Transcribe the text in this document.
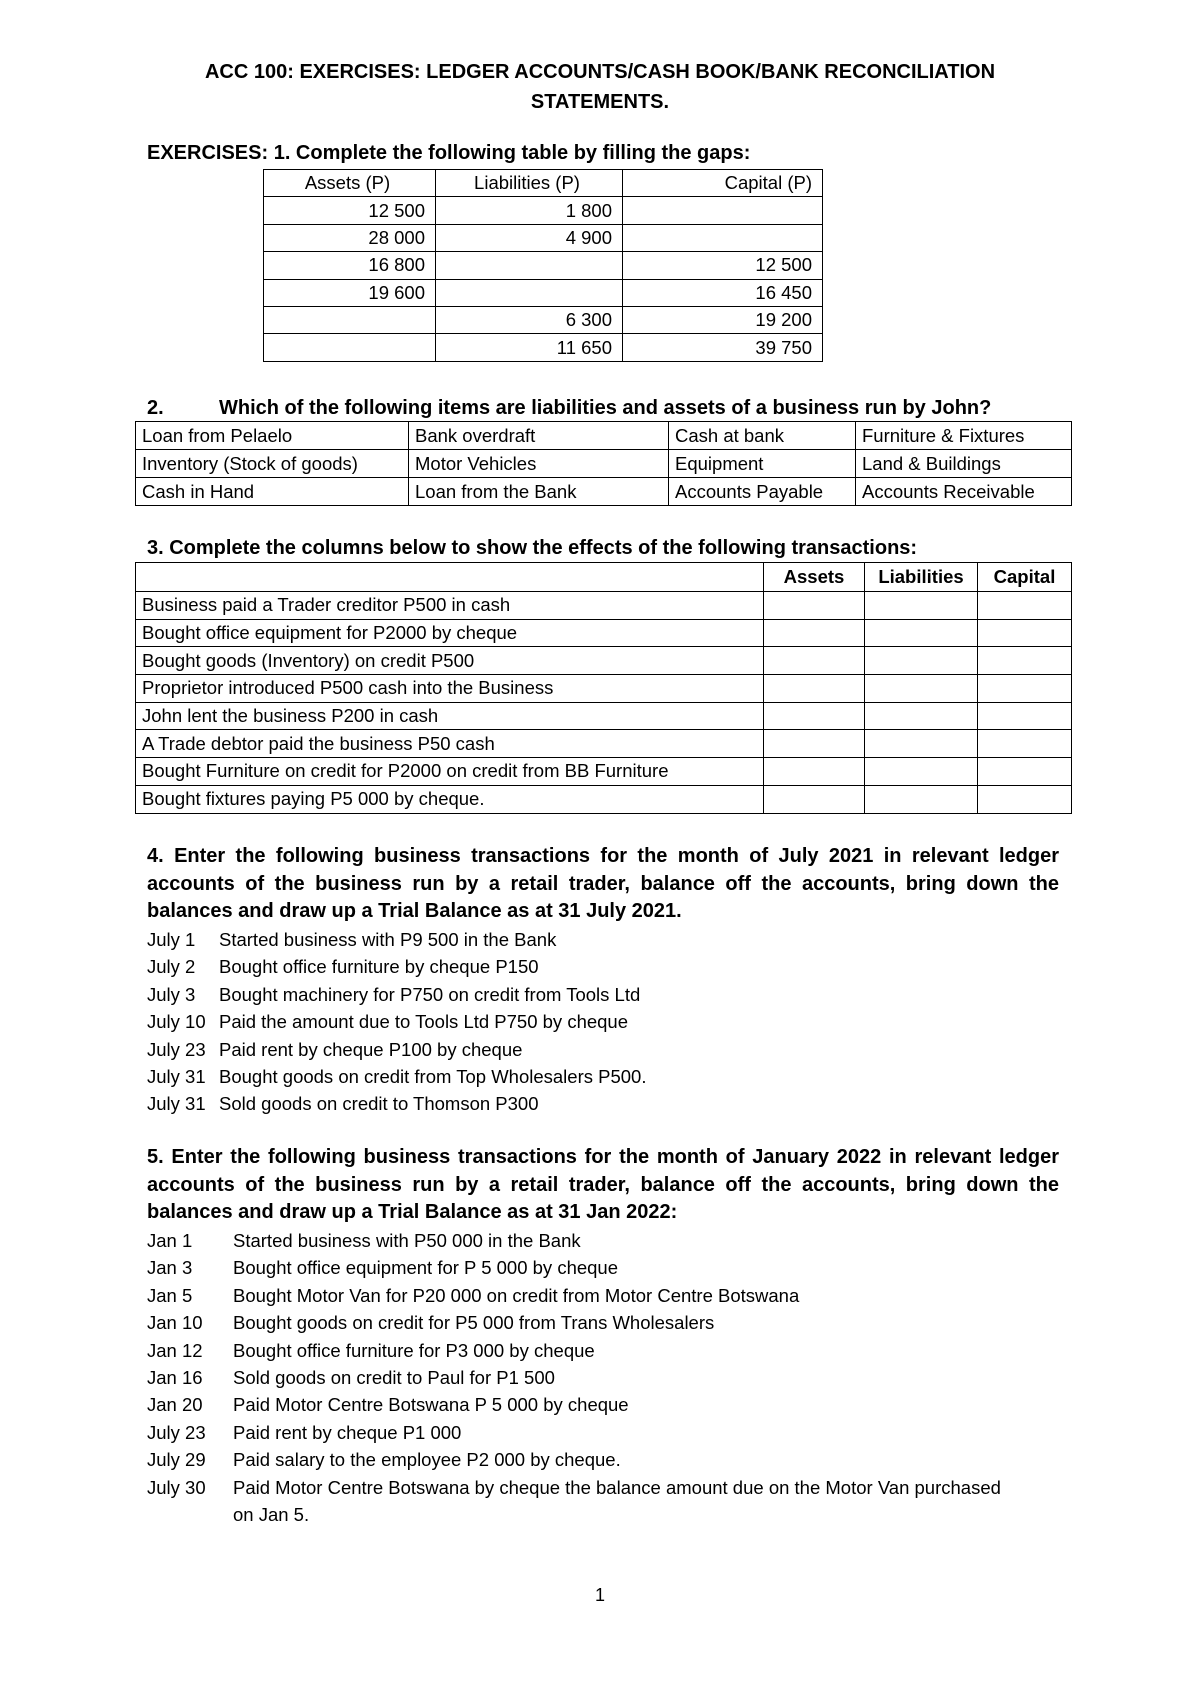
ACC 100: EXERCISES: LEDGER ACCOUNTS/CASH BOOK/BANK RECONCILIATION
STATEMENTS.
EXERCISES: 1. Complete the following table by filling the gaps:
Assets (P)	Liabilities (P)	Capital (P)
12 500	1 800	
28 000	4 900	
16 800		12 500
19 600		16 450
	6 300	19 200
	11 650	39 750
2.	Which of the following items are liabilities and assets of a business run by John?
Loan from Pelaelo	Bank overdraft	Cash at bank	Furniture & Fixtures
Inventory (Stock of goods)	Motor Vehicles	Equipment	Land & Buildings
Cash in Hand	Loan from the Bank	Accounts Payable	Accounts Receivable
3. Complete the columns below to show the effects of the following transactions:
	Assets	Liabilities	Capital
Business paid a Trader creditor P500 in cash			
Bought office equipment for P2000 by cheque			
Bought goods (Inventory) on credit P500			
Proprietor introduced P500 cash into the Business			
John lent the business P200 in cash			
A Trade debtor paid the business P50 cash			
Bought Furniture on credit for P2000 on credit from BB Furniture			
Bought fixtures paying P5 000 by cheque.			
4. Enter the following business transactions for the month of July 2021 in relevant ledger accounts of the business run by a retail trader, balance off the accounts, bring down the balances and draw up a Trial Balance as at 31 July 2021.
July 1	Started business with P9 500 in the Bank
July 2	Bought office furniture by cheque P150
July 3	Bought machinery for P750 on credit from Tools Ltd
July 10 Paid the amount due to Tools Ltd P750 by cheque
July 23 Paid rent by cheque P100 by cheque
July 31 Bought goods on credit from Top Wholesalers P500.
July 31 Sold goods on credit to Thomson P300
5. Enter the following business transactions for the month of January 2022 in relevant ledger accounts of the business run by a retail trader, balance off the accounts, bring down the balances and draw up a Trial Balance as at 31 Jan 2022:
Jan 1	Started business with P50 000 in the Bank
Jan 3	Bought office equipment for P 5 000 by cheque
Jan 5	Bought Motor Van for P20 000 on credit from Motor Centre Botswana
Jan 10	Bought goods on credit for P5 000 from Trans Wholesalers
Jan 12	Bought office furniture for P3 000 by cheque
Jan 16	Sold goods on credit to Paul for P1 500
Jan 20	Paid Motor Centre Botswana P 5 000 by cheque
July 23	Paid rent by cheque P1 000
July 29	Paid salary to the employee P2 000 by cheque.
July 30	Paid Motor Centre Botswana by cheque the balance amount due on the Motor Van purchased on Jan 5.
1
